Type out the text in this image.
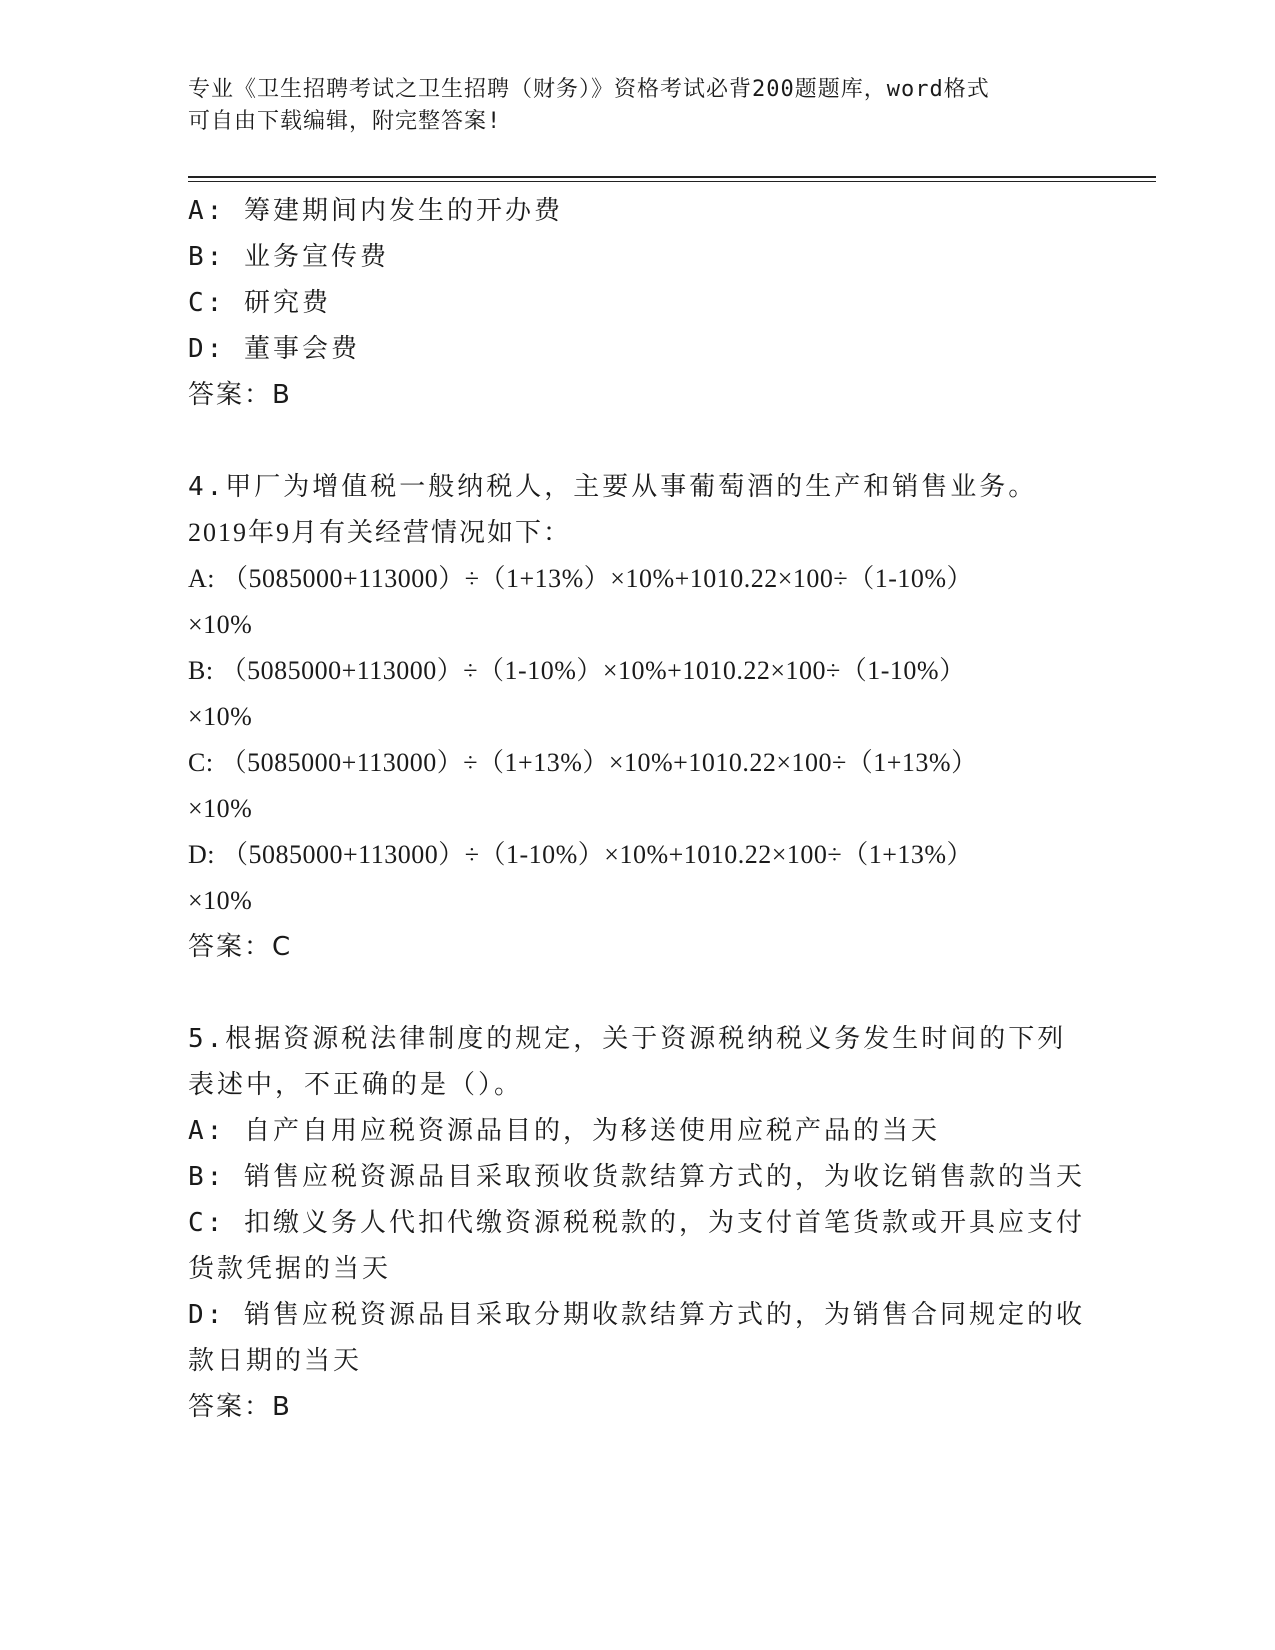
专业《卫生招聘考试之卫生招聘（财务）》资格考试必背200题题库，word格式
可自由下载编辑，附完整答案!
A: 筹建期间内发生的开办费
B: 业务宣传费
C: 研究费
D: 董事会费
答案：B
4.甲厂为增值税一般纳税人，主要从事葡萄酒的生产和销售业务。
2019年9月有关经营情况如下：
A: （5085000+113000）÷（1+13%）×10%+1010.22×100÷（1-10%）
×10%
B: （5085000+113000）÷（1-10%）×10%+1010.22×100÷（1-10%）
×10%
C: （5085000+113000）÷（1+13%）×10%+1010.22×100÷（1+13%）
×10%
D: （5085000+113000）÷（1-10%）×10%+1010.22×100÷（1+13%）
×10%
答案：C
5.根据资源税法律制度的规定，关于资源税纳税义务发生时间的下列
表述中，不正确的是（）。
A: 自产自用应税资源品目的，为移送使用应税产品的当天
B: 销售应税资源品目采取预收货款结算方式的，为收讫销售款的当天
C: 扣缴义务人代扣代缴资源税税款的，为支付首笔货款或开具应支付
货款凭据的当天
D: 销售应税资源品目采取分期收款结算方式的，为销售合同规定的收
款日期的当天
答案：B
